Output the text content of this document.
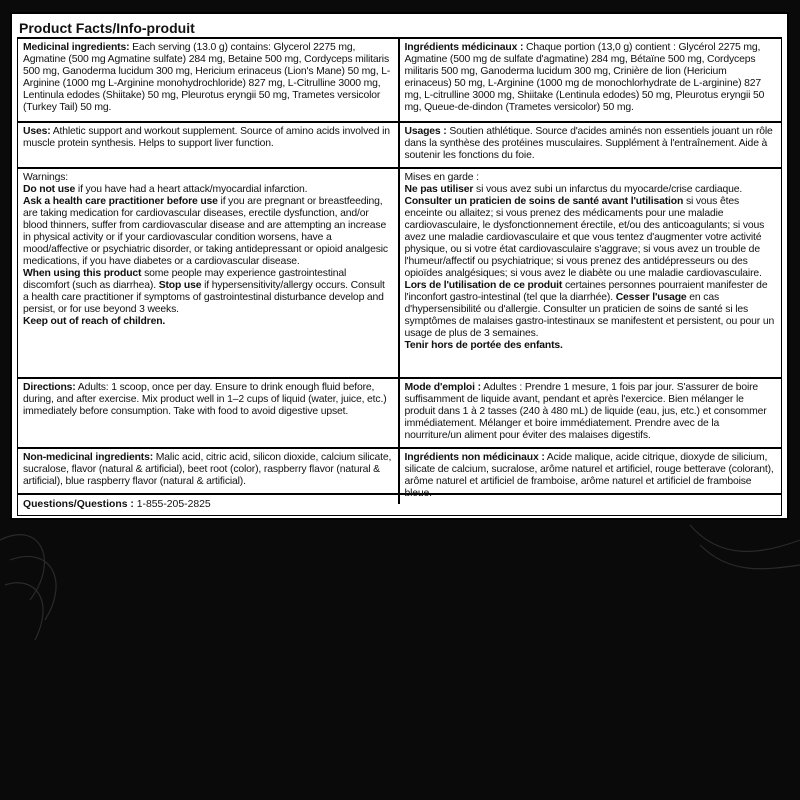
Product Facts/Info-produit
Medicinal ingredients: Each serving (13.0 g) contains: Glycerol 2275 mg, Agmatine (500 mg Agmatine sulfate) 284 mg, Betaine 500 mg, Cordyceps militaris 500 mg, Ganoderma lucidum 300 mg, Hericium erinaceus (Lion's Mane) 50 mg, L-Arginine (1000 mg L-Arginine monohydrochloride) 827 mg, L-Citrulline 3000 mg, Lentinula edodes (Shiitake) 50 mg, Pleurotus eryngii 50 mg, Trametes versicolor (Turkey Tail) 50 mg.
Ingrédients médicinaux : Chaque portion (13,0 g) contient : Glycérol 2275 mg, Agmatine (500 mg de sulfate d'agmatine) 284 mg, Bétaïne 500 mg, Cordyceps militaris 500 mg, Ganoderma lucidum 300 mg, Crinière de lion (Hericium erinaceus) 50 mg, L-Arginine (1000 mg de monochlorhydrate de L-arginine) 827 mg, L-citrulline 3000 mg, Shiitake (Lentinula edodes) 50 mg, Pleurotus eryngii 50 mg, Queue-de-dindon (Trametes versicolor) 50 mg.
Uses: Athletic support and workout supplement. Source of amino acids involved in muscle protein synthesis. Helps to support liver function.
Usages : Soutien athlétique. Source d'acides aminés non essentiels jouant un rôle dans la synthèse des protéines musculaires. Supplément à l'entraînement. Aide à soutenir les fonctions du foie.

Warnings:

Do not use if you have had a heart attack/myocardial infarction.

Ask a health care practitioner before use if you are pregnant or breastfeeding, are taking medication for cardiovascular diseases, erectile dysfunction, and/or blood thinners, suffer from cardiovascular disease and are attempting an increase in physical activity or if your cardiovascular condition worsens, have a mood/affective or psychiatric disorder, or taking antidepressant or opioid analgesic medications, if you have diabetes or a cardiovascular disease.

When using this product some people may experience gastrointestinal discomfort (such as diarrhea). Stop use if hypersensitivity/allergy occurs. Consult a health care practitioner if symptoms of gastrointestinal disturbance develop and persist, or for use beyond 3 weeks.

Keep out of reach of children.

Mises en garde :

Ne pas utiliser si vous avez subi un infarctus du myocarde/crise cardiaque.

Consulter un praticien de soins de santé avant l'utilisation si vous êtes enceinte ou allaitez; si vous prenez des médicaments pour une maladie cardiovasculaire, le dysfonctionnement érectile, et/ou des anticoagulants; si vous avez une maladie cardiovasculaire et que vous tentez d'augmenter votre activité physique, ou si votre état cardiovasculaire s'aggrave; si vous avez un trouble de l'humeur/affectif ou psychiatrique; si vous prenez des antidépresseurs ou des opioïdes analgésiques; si vous avez le diabète ou une maladie cardiovasculaire.

Lors de l'utilisation de ce produit certaines personnes pourraient manifester de l'inconfort gastro-intestinal (tel que la diarrhée). Cesser l'usage en cas d'hypersensibilité ou d'allergie. Consulter un praticien de soins de santé si les symptômes de malaises gastro-intestinaux se manifestent et persistent, ou pour un usage de plus de 3 semaines.

Tenir hors de portée des enfants.

Directions: Adults: 1 scoop, once per day. Ensure to drink enough fluid before, during, and after exercise. Mix product well in 1–2 cups of liquid (water, juice, etc.) immediately before consumption. Take with food to avoid digestive upset.
Mode d'emploi : Adultes : Prendre 1 mesure, 1 fois par jour. S'assurer de boire suffisamment de liquide avant, pendant et après l'exercice. Bien mélanger le produit dans 1 à 2 tasses (240 à 480 mL) de liquide (eau, jus, etc.) et consommer immédiatement. Mélanger et boire immédiatement. Prendre avec de la nourriture/un aliment pour éviter des malaises digestifs.
Non-medicinal ingredients: Malic acid, citric acid, silicon dioxide, calcium silicate, sucralose, flavor (natural & artificial), beet root (color), raspberry flavor (natural & artificial), blue raspberry flavor (natural & artificial).
Ingrédients non médicinaux : Acide malique, acide citrique, dioxyde de silicium, silicate de calcium, sucralose, arôme naturel et artificiel, rouge betterave (colorant), arôme naturel et artificiel de framboise, arôme naturel et artificiel de framboise bleue.
Questions/Questions : 1-855-205-2825
